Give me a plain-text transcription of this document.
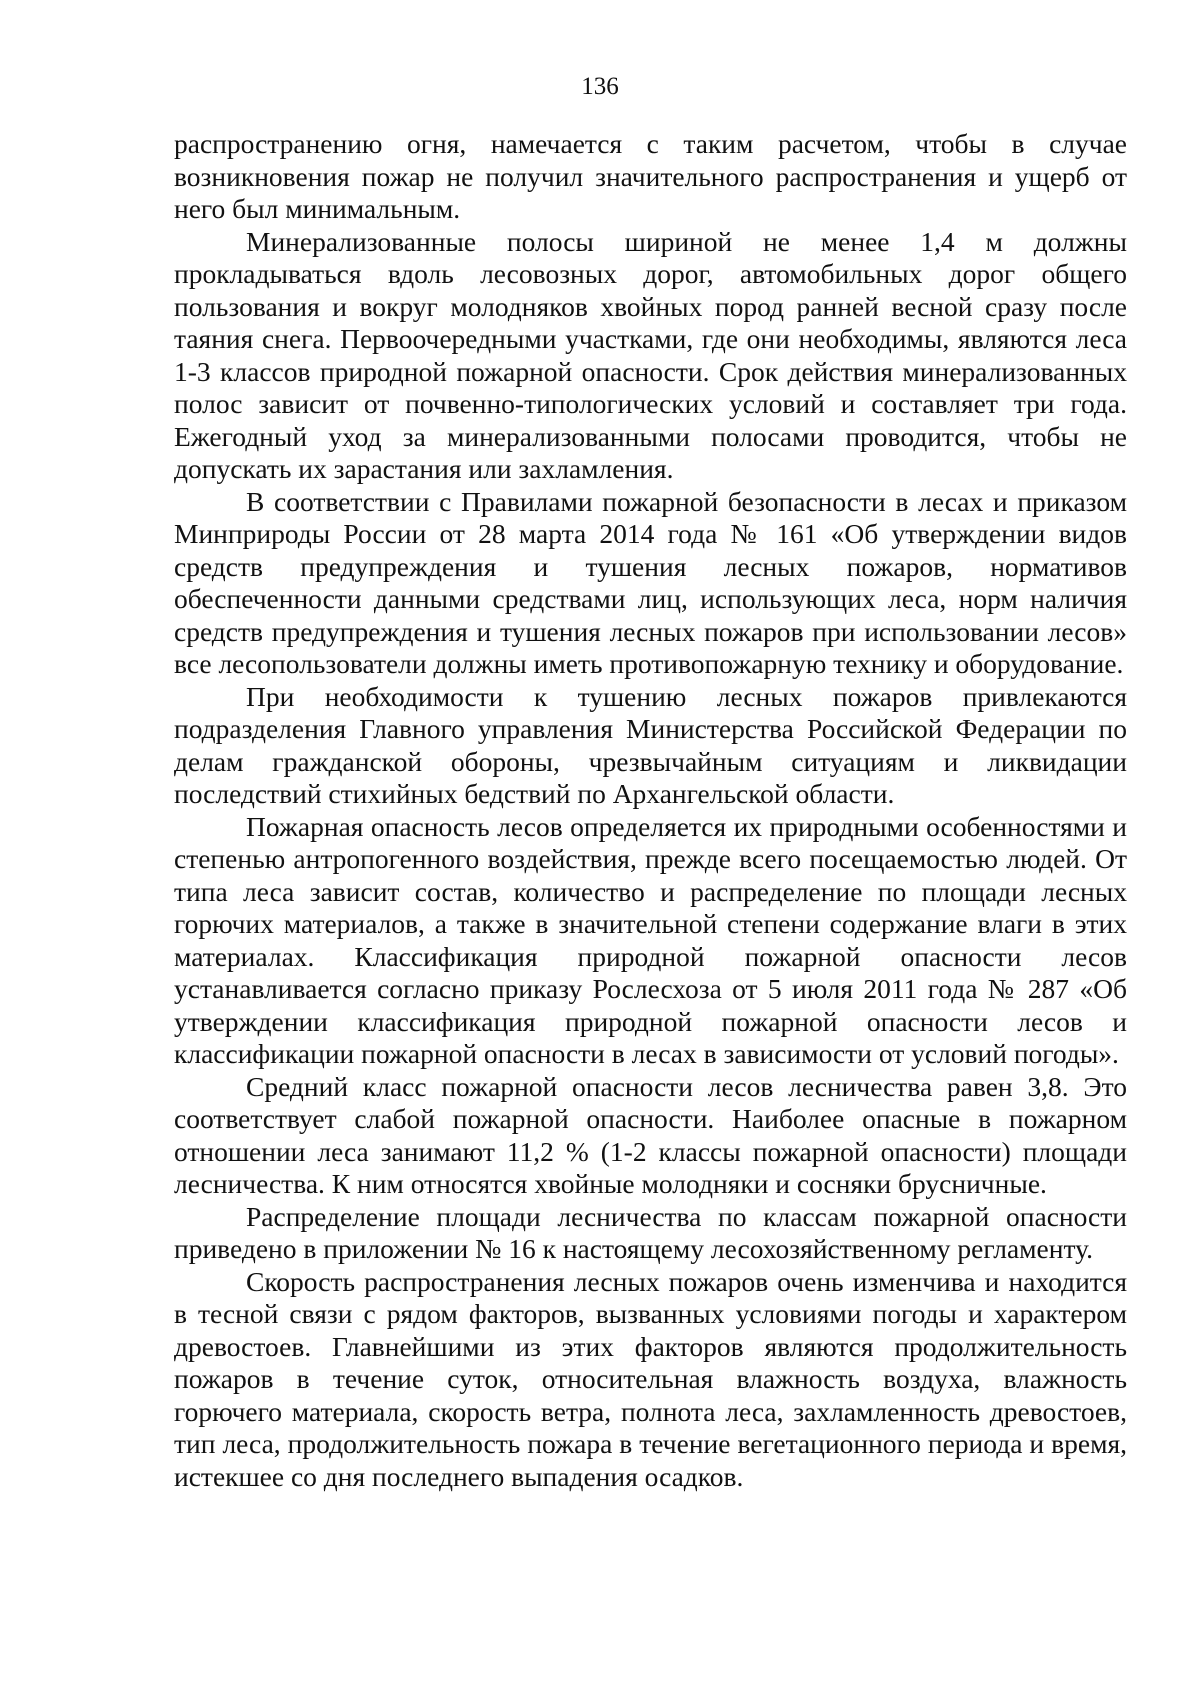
136

распространению огня, намечается с таким расчетом, чтобы в случае возникновения пожар не получил значительного распространения и ущерб от него был минимальным.

Минерализованные полосы шириной не менее 1,4 м должны прокладываться вдоль лесовозных дорог, автомобильных дорог общего пользования и вокруг молодняков хвойных пород ранней весной сразу после таяния снега. Первоочередными участками, где они необходимы, являются леса 1-3 классов природной пожарной опасности. Срок действия минерализованных полос зависит от почвенно-типологических условий и составляет три года. Ежегодный уход за минерализованными полосами проводится, чтобы не допускать их зарастания или захламления.

В соответствии с Правилами пожарной безопасности в лесах и приказом Минприроды России от 28 марта 2014 года № 161 «Об утверждении видов средств предупреждения и тушения лесных пожаров, нормативов обеспеченности данными средствами лиц, использующих леса, норм наличия средств предупреждения и тушения лесных пожаров при использовании лесов» все лесопользователи должны иметь противопожарную технику и оборудование.

При необходимости к тушению лесных пожаров привлекаются подразделения Главного управления Министерства Российской Федерации по делам гражданской обороны, чрезвычайным ситуациям и ликвидации последствий стихийных бедствий по Архангельской области.

Пожарная опасность лесов определяется их природными особенностями и степенью антропогенного воздействия, прежде всего посещаемостью людей. От типа леса зависит состав, количество и распределение по площади лесных горючих материалов, а также в значительной степени содержание влаги в этих материалах. Классификация природной пожарной опасности лесов устанавливается согласно приказу Рослесхоза от 5 июля 2011 года № 287 «Об утверждении классификация природной пожарной опасности лесов и классификации пожарной опасности в лесах в зависимости от условий погоды».

Средний класс пожарной опасности лесов лесничества равен 3,8. Это соответствует слабой пожарной опасности. Наиболее опасные в пожарном отношении леса занимают 11,2 % (1-2 классы пожарной опасности) площади лесничества. К ним относятся хвойные молодняки и сосняки брусничные.

Распределение площади лесничества по классам пожарной опасности приведено в приложении № 16 к настоящему лесохозяйственному регламенту.

Скорость распространения лесных пожаров очень изменчива и находится в тесной связи с рядом факторов, вызванных условиями погоды и характером древостоев. Главнейшими из этих факторов являются продолжительность пожаров в течение суток, относительная влажность воздуха, влажность горючего материала, скорость ветра, полнота леса, захламленность древостоев, тип леса, продолжительность пожара в течение вегетационного периода и время, истекшее со дня последнего выпадения осадков.
